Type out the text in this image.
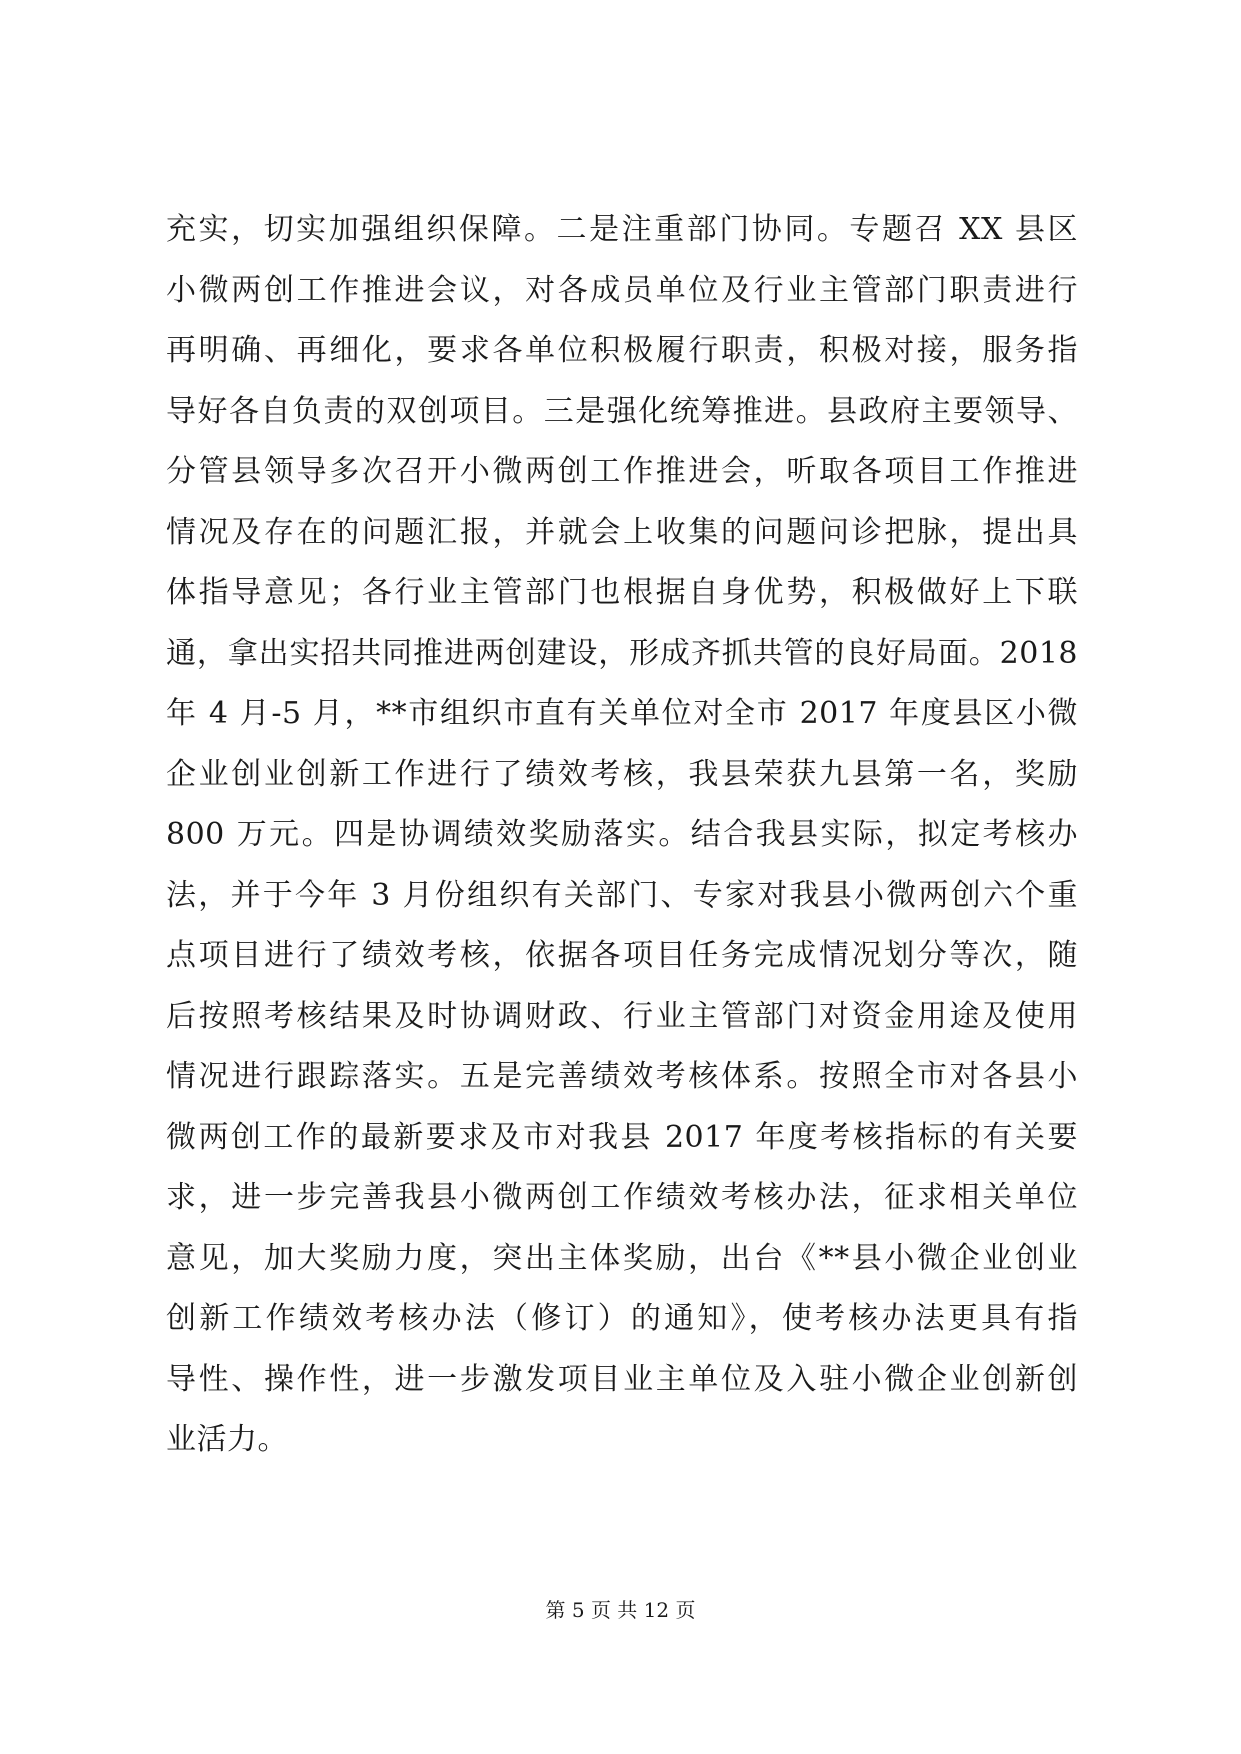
充实，切实加强组织保障。二是注重部门协同。专题召 XX 县区
小微两创工作推进会议，对各成员单位及行业主管部门职责进行
再明确、再细化，要求各单位积极履行职责，积极对接，服务指
导好各自负责的双创项目。三是强化统筹推进。县政府主要领导、
分管县领导多次召开小微两创工作推进会，听取各项目工作推进
情况及存在的问题汇报，并就会上收集的问题问诊把脉，提出具
体指导意见；各行业主管部门也根据自身优势，积极做好上下联
通，拿出实招共同推进两创建设，形成齐抓共管的良好局面。2018
年 4 月-5 月，**市组织市直有关单位对全市 2017 年度县区小微
企业创业创新工作进行了绩效考核，我县荣获九县第一名，奖励
800 万元。四是协调绩效奖励落实。结合我县实际，拟定考核办
法，并于今年 3 月份组织有关部门、专家对我县小微两创六个重
点项目进行了绩效考核，依据各项目任务完成情况划分等次，随
后按照考核结果及时协调财政、行业主管部门对资金用途及使用
情况进行跟踪落实。五是完善绩效考核体系。按照全市对各县小
微两创工作的最新要求及市对我县 2017 年度考核指标的有关要
求，进一步完善我县小微两创工作绩效考核办法，征求相关单位
意见，加大奖励力度，突出主体奖励，出台《**县小微企业创业
创新工作绩效考核办法（修订）的通知》，使考核办法更具有指
导性、操作性，进一步激发项目业主单位及入驻小微企业创新创
业活力。
第 5 页 共 12 页
